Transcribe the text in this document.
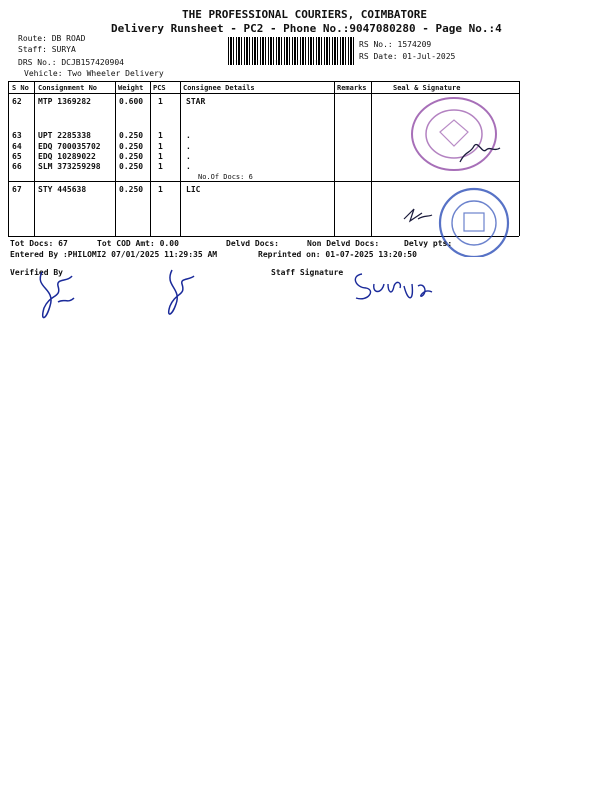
THE PROFESSIONAL COURIERS, COIMBATORE
Delivery Runsheet - PC2 - Phone No.:9047080280 - Page No.:4
Route: DB ROAD
Staff: SURYA
DRS No.: DCJB157420904
Vehicle: Two Wheeler Delivery
RS No.: 1574209
RS Date: 01-Jul-2025
S No Consignment No	Weight PCS Consignee Details	Remarks	Seal & Signature
62 MTP 1369282	0.600 1	STAR
63 UPT 2285338	0.250 1	.
64 EDQ 700035702 0.250 1	.
65 EDQ 10289022	0.250 1	.
66 SLM 373259298 0.250 1	.
No.Of Docs: 6
67 STY 445638	0.250 1	LIC
Tot Docs: 67	Tot COD Amt: 0.00	Delvd Docs:	Non Delvd Docs:	Delvy pts:
Entered By :PHILOMI2 07/01/2025 11:29:35 AM	Reprinted on: 01-07-2025 13:20:50
Verified By	Staff Signature
